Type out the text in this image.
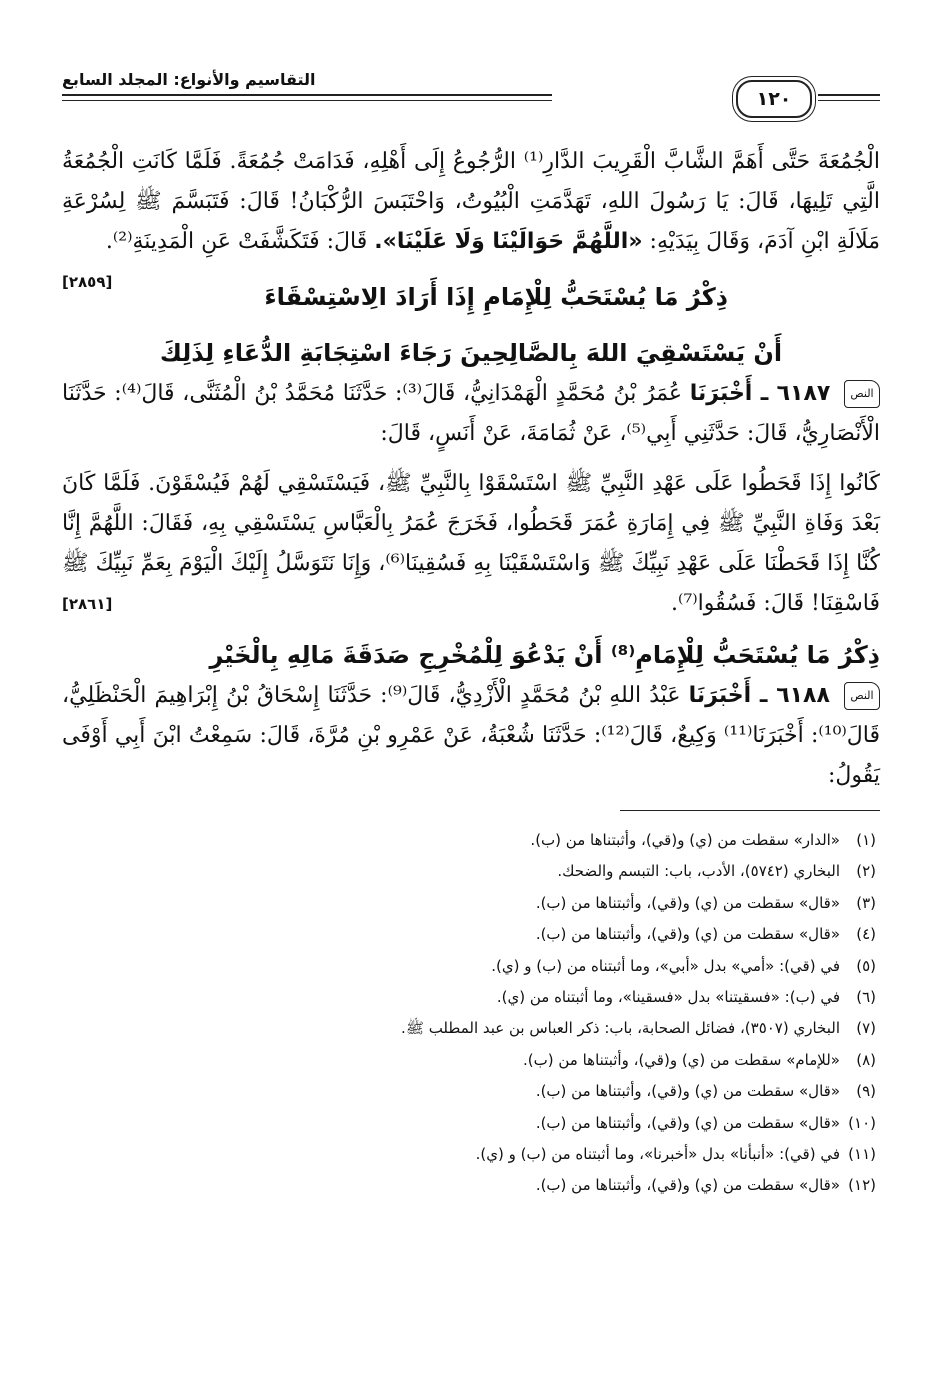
١٢٠
التقاسيم والأنواع: المجلد السابع

الْجُمُعَةَ حَتَّى أَهَمَّ الشَّابَّ الْقَرِيبَ الدَّارِ⁽¹⁾ الرُّجُوعُ إِلَى أَهْلِهِ، فَدَامَتْ جُمُعَةً. فَلَمَّا كَانَتِ الْجُمُعَةُ الَّتِي تَلِيهَا، قَالَ: يَا رَسُولَ اللهِ، تَهَدَّمَتِ الْبُيُوتُ، وَاحْتَبَسَ الرُّكْبَانُ! قَالَ: فَتَبَسَّمَ ﷺ لِسُرْعَةِ مَلَالَةِ ابْنِ آدَمَ، وَقَالَ بِيَدَيْهِ: «اللَّهُمَّ حَوَالَيْنَا وَلَا عَلَيْنَا». قَالَ: فَتَكَشَّفَتْ عَنِ الْمَدِينَةِ⁽²⁾.
[٢٨٥٩]

ذِكْرُ مَا يُسْتَحَبُّ لِلْإِمَامِ إِذَا أَرَادَ الِاسْتِسْقَاءَ
أَنْ يَسْتَسْقِيَ اللهَ بِالصَّالِحِينَ رَجَاءَ اسْتِجَابَةِ الدُّعَاءِ لِذَلِكَ

النص ٦١٨٧ ـ أَخْبَرَنَا عُمَرُ بْنُ مُحَمَّدٍ الْهَمْدَانِيُّ، قَالَ⁽³⁾: حَدَّثَنَا مُحَمَّدُ بْنُ الْمُثَنَّى، قَالَ⁽⁴⁾: حَدَّثَنَا الْأَنْصَارِيُّ، قَالَ: حَدَّثَنِي أَبِي⁽⁵⁾، عَنْ ثُمَامَةَ، عَنْ أَنَسٍ، قَالَ:

كَانُوا إِذَا قَحَطُوا عَلَى عَهْدِ النَّبِيِّ ﷺ اسْتَسْقَوْا بِالنَّبِيِّ ﷺ، فَيَسْتَسْقِي لَهُمْ فَيُسْقَوْنَ. فَلَمَّا كَانَ بَعْدَ وَفَاةِ النَّبِيِّ ﷺ فِي إِمَارَةِ عُمَرَ قَحَطُوا، فَخَرَجَ عُمَرُ بِالْعَبَّاسِ يَسْتَسْقِي بِهِ، فَقَالَ: اللَّهُمَّ إِنَّا كُنَّا إِذَا قَحَطْنَا عَلَى عَهْدِ نَبِيِّكَ ﷺ وَاسْتَسْقَيْنَا بِهِ فَسُقِينَا⁽⁶⁾، وَإِنَا نَتَوَسَّلُ إِلَيْكَ الْيَوْمَ بِعَمِّ نَبِيِّكَ ﷺ فَاسْقِنَا! قَالَ: فَسُقُوا⁽⁷⁾.
[٢٨٦١]

ذِكْرُ مَا يُسْتَحَبُّ لِلْإِمَامِ⁽⁸⁾ أَنْ يَدْعُوَ لِلْمُخْرِجِ صَدَقَةَ مَالِهِ بِالْخَيْرِ

النص ٦١٨٨ ـ أَخْبَرَنَا عَبْدُ اللهِ بْنُ مُحَمَّدٍ الْأَزْدِيُّ، قَالَ⁽⁹⁾: حَدَّثَنَا إِسْحَاقُ بْنُ إِبْرَاهِيمَ الْحَنْظَلِيُّ، قَالَ⁽¹⁰⁾: أَخْبَرَنَا⁽¹¹⁾ وَكِيعٌ، قَالَ⁽¹²⁾: حَدَّثَنَا شُعْبَةُ، عَنْ عَمْرِو بْنِ مُرَّةَ، قَالَ: سَمِعْتُ ابْنَ أَبِي أَوْفَى يَقُولُ:

(١)«الدار» سقطت من (ي) و(قي)، وأثبتناها من (ب).
(٢)البخاري (٥٧٤٢)، الأدب، باب: التبسم والضحك.
(٣)«قال» سقطت من (ي) و(قي)، وأثبتناها من (ب).
(٤)«قال» سقطت من (ي) و(قي)، وأثبتناها من (ب).
(٥)في (قي): «أمي» بدل «أبي»، وما أثبتناه من (ب) و (ي).
(٦)في (ب): «فسقيتنا» بدل «فسقينا»، وما أثبتناه من (ي).
(٧)البخاري (٣٥٠٧)، فضائل الصحابة، باب: ذكر العباس بن عبد المطلب ﷺ.
(٨)«للإمام» سقطت من (ي) و(قي)، وأثبتناها من (ب).
(٩)«قال» سقطت من (ي) و(قي)، وأثبتناها من (ب).
(١٠)«قال» سقطت من (ي) و(قي)، وأثبتناها من (ب).
(١١)في (قي): «أنبأنا» بدل «أخبرنا»، وما أثبتناه من (ب) و (ي).
(١٢)«قال» سقطت من (ي) و(قي)، وأثبتناها من (ب).
